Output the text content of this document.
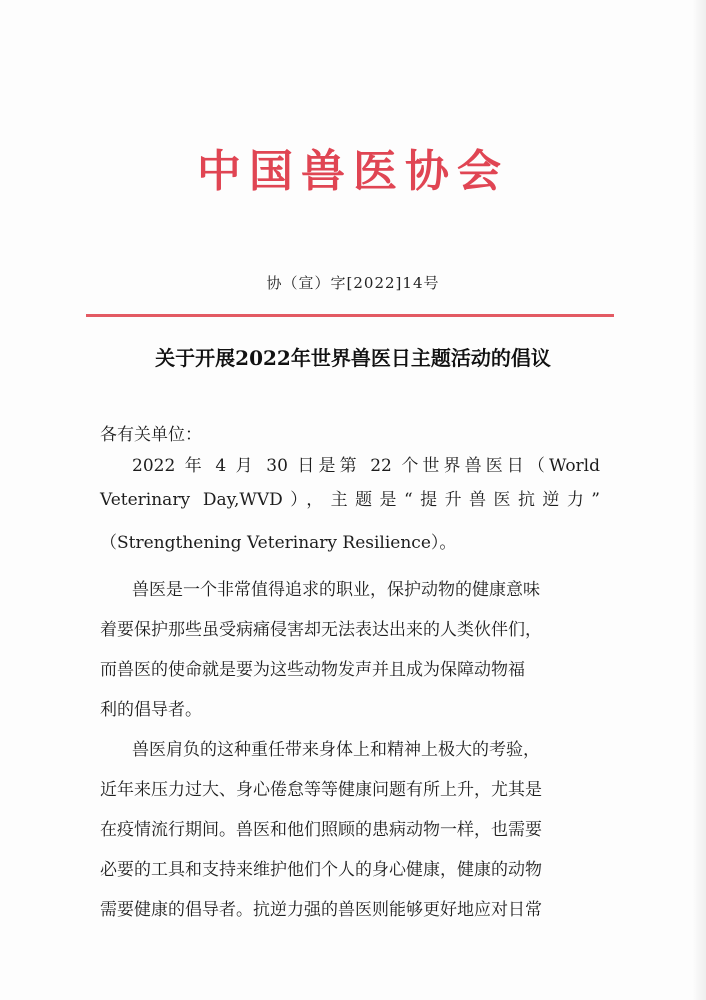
中国兽医协会
协（宣）字[2022]14号
关于开展2022年世界兽医日主题活动的倡议

各有关单位：

2022 年 4 月 30 日是第 22 个世界兽医日（World

Veterinary Day,WVD），主题是“提升兽医抗逆力”

（Strengthening Veterinary Resilience）。

兽医是一个非常值得追求的职业，保护动物的健康意味
着要保护那些虽受病痛侵害却无法表达出来的人类伙伴们，
而兽医的使命就是要为这些动物发声并且成为保障动物福
利的倡导者。
兽医肩负的这种重任带来身体上和精神上极大的考验，
近年来压力过大、身心倦怠等等健康问题有所上升，尤其是
在疫情流行期间。兽医和他们照顾的患病动物一样，也需要
必要的工具和支持来维护他们个人的身心健康，健康的动物
需要健康的倡导者。抗逆力强的兽医则能够更好地应对日常
